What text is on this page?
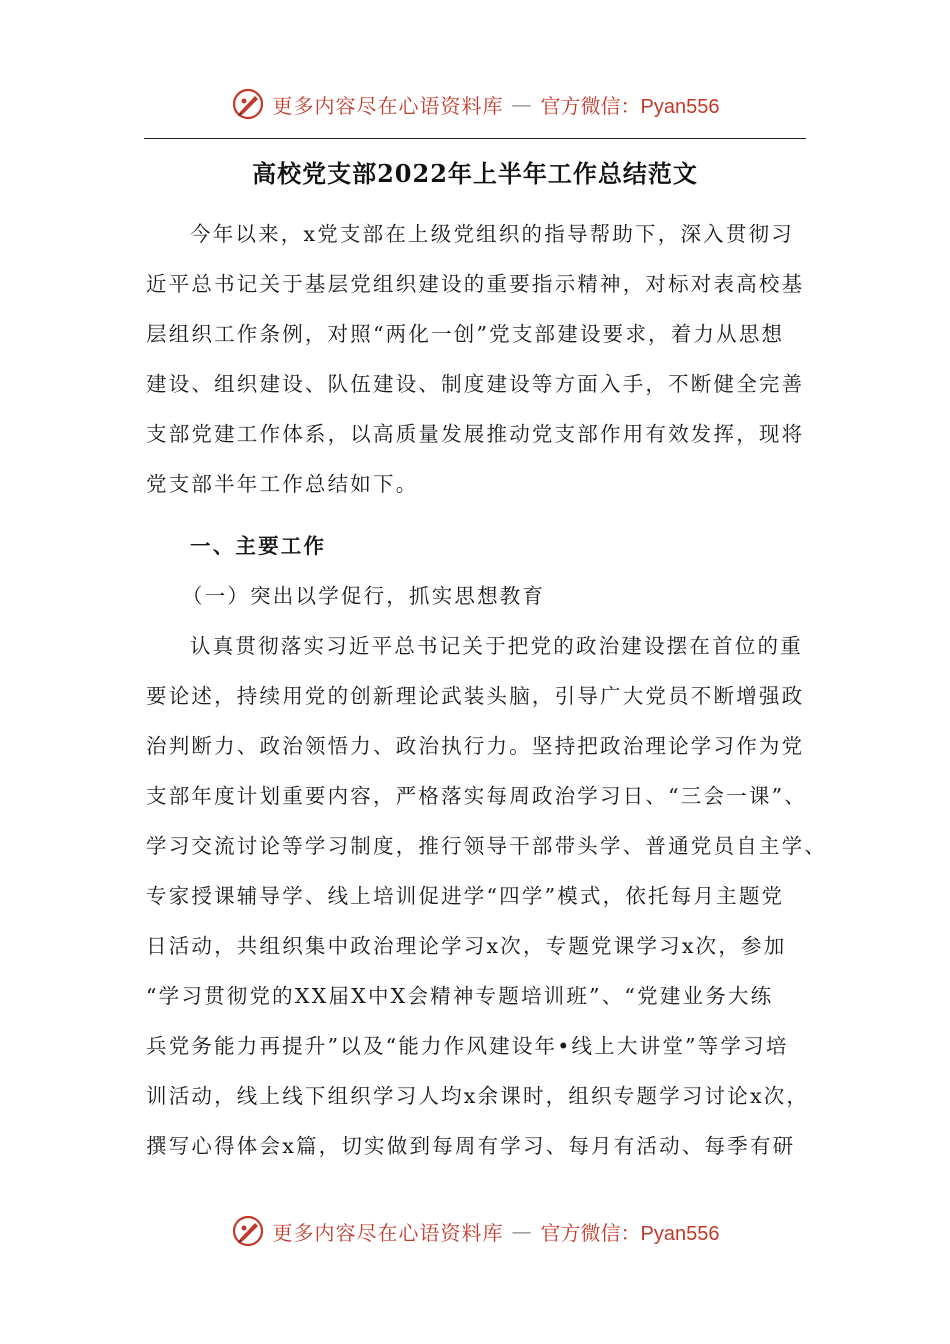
更多内容尽在心语资料库 — 官方微信：Pyan556
高校党支部2022年上半年工作总结范文
今年以来，x党支部在上级党组织的指导帮助下，深入贯彻习
近平总书记关于基层党组织建设的重要指示精神，对标对表高校基
层组织工作条例，对照“两化一创”党支部建设要求，着力从思想
建设、组织建设、队伍建设、制度建设等方面入手，不断健全完善
支部党建工作体系，以高质量发展推动党支部作用有效发挥，现将
党支部半年工作总结如下。
一、主要工作
（一）突出以学促行，抓实思想教育
认真贯彻落实习近平总书记关于把党的政治建设摆在首位的重
要论述，持续用党的创新理论武装头脑，引导广大党员不断增强政
治判断力、政治领悟力、政治执行力。坚持把政治理论学习作为党
支部年度计划重要内容，严格落实每周政治学习日、“三会一课”、
学习交流讨论等学习制度，推行领导干部带头学、普通党员自主学、
专家授课辅导学、线上培训促进学“四学”模式，依托每月主题党
日活动，共组织集中政治理论学习x次，专题党课学习x次，参加
“学习贯彻党的XX届X中X会精神专题培训班”、“党建业务大练
兵党务能力再提升”以及“能力作风建设年•线上大讲堂”等学习培
训活动，线上线下组织学习人均x余课时，组织专题学习讨论x次，
撰写心得体会x篇，切实做到每周有学习、每月有活动、每季有研
更多内容尽在心语资料库 — 官方微信：Pyan556
